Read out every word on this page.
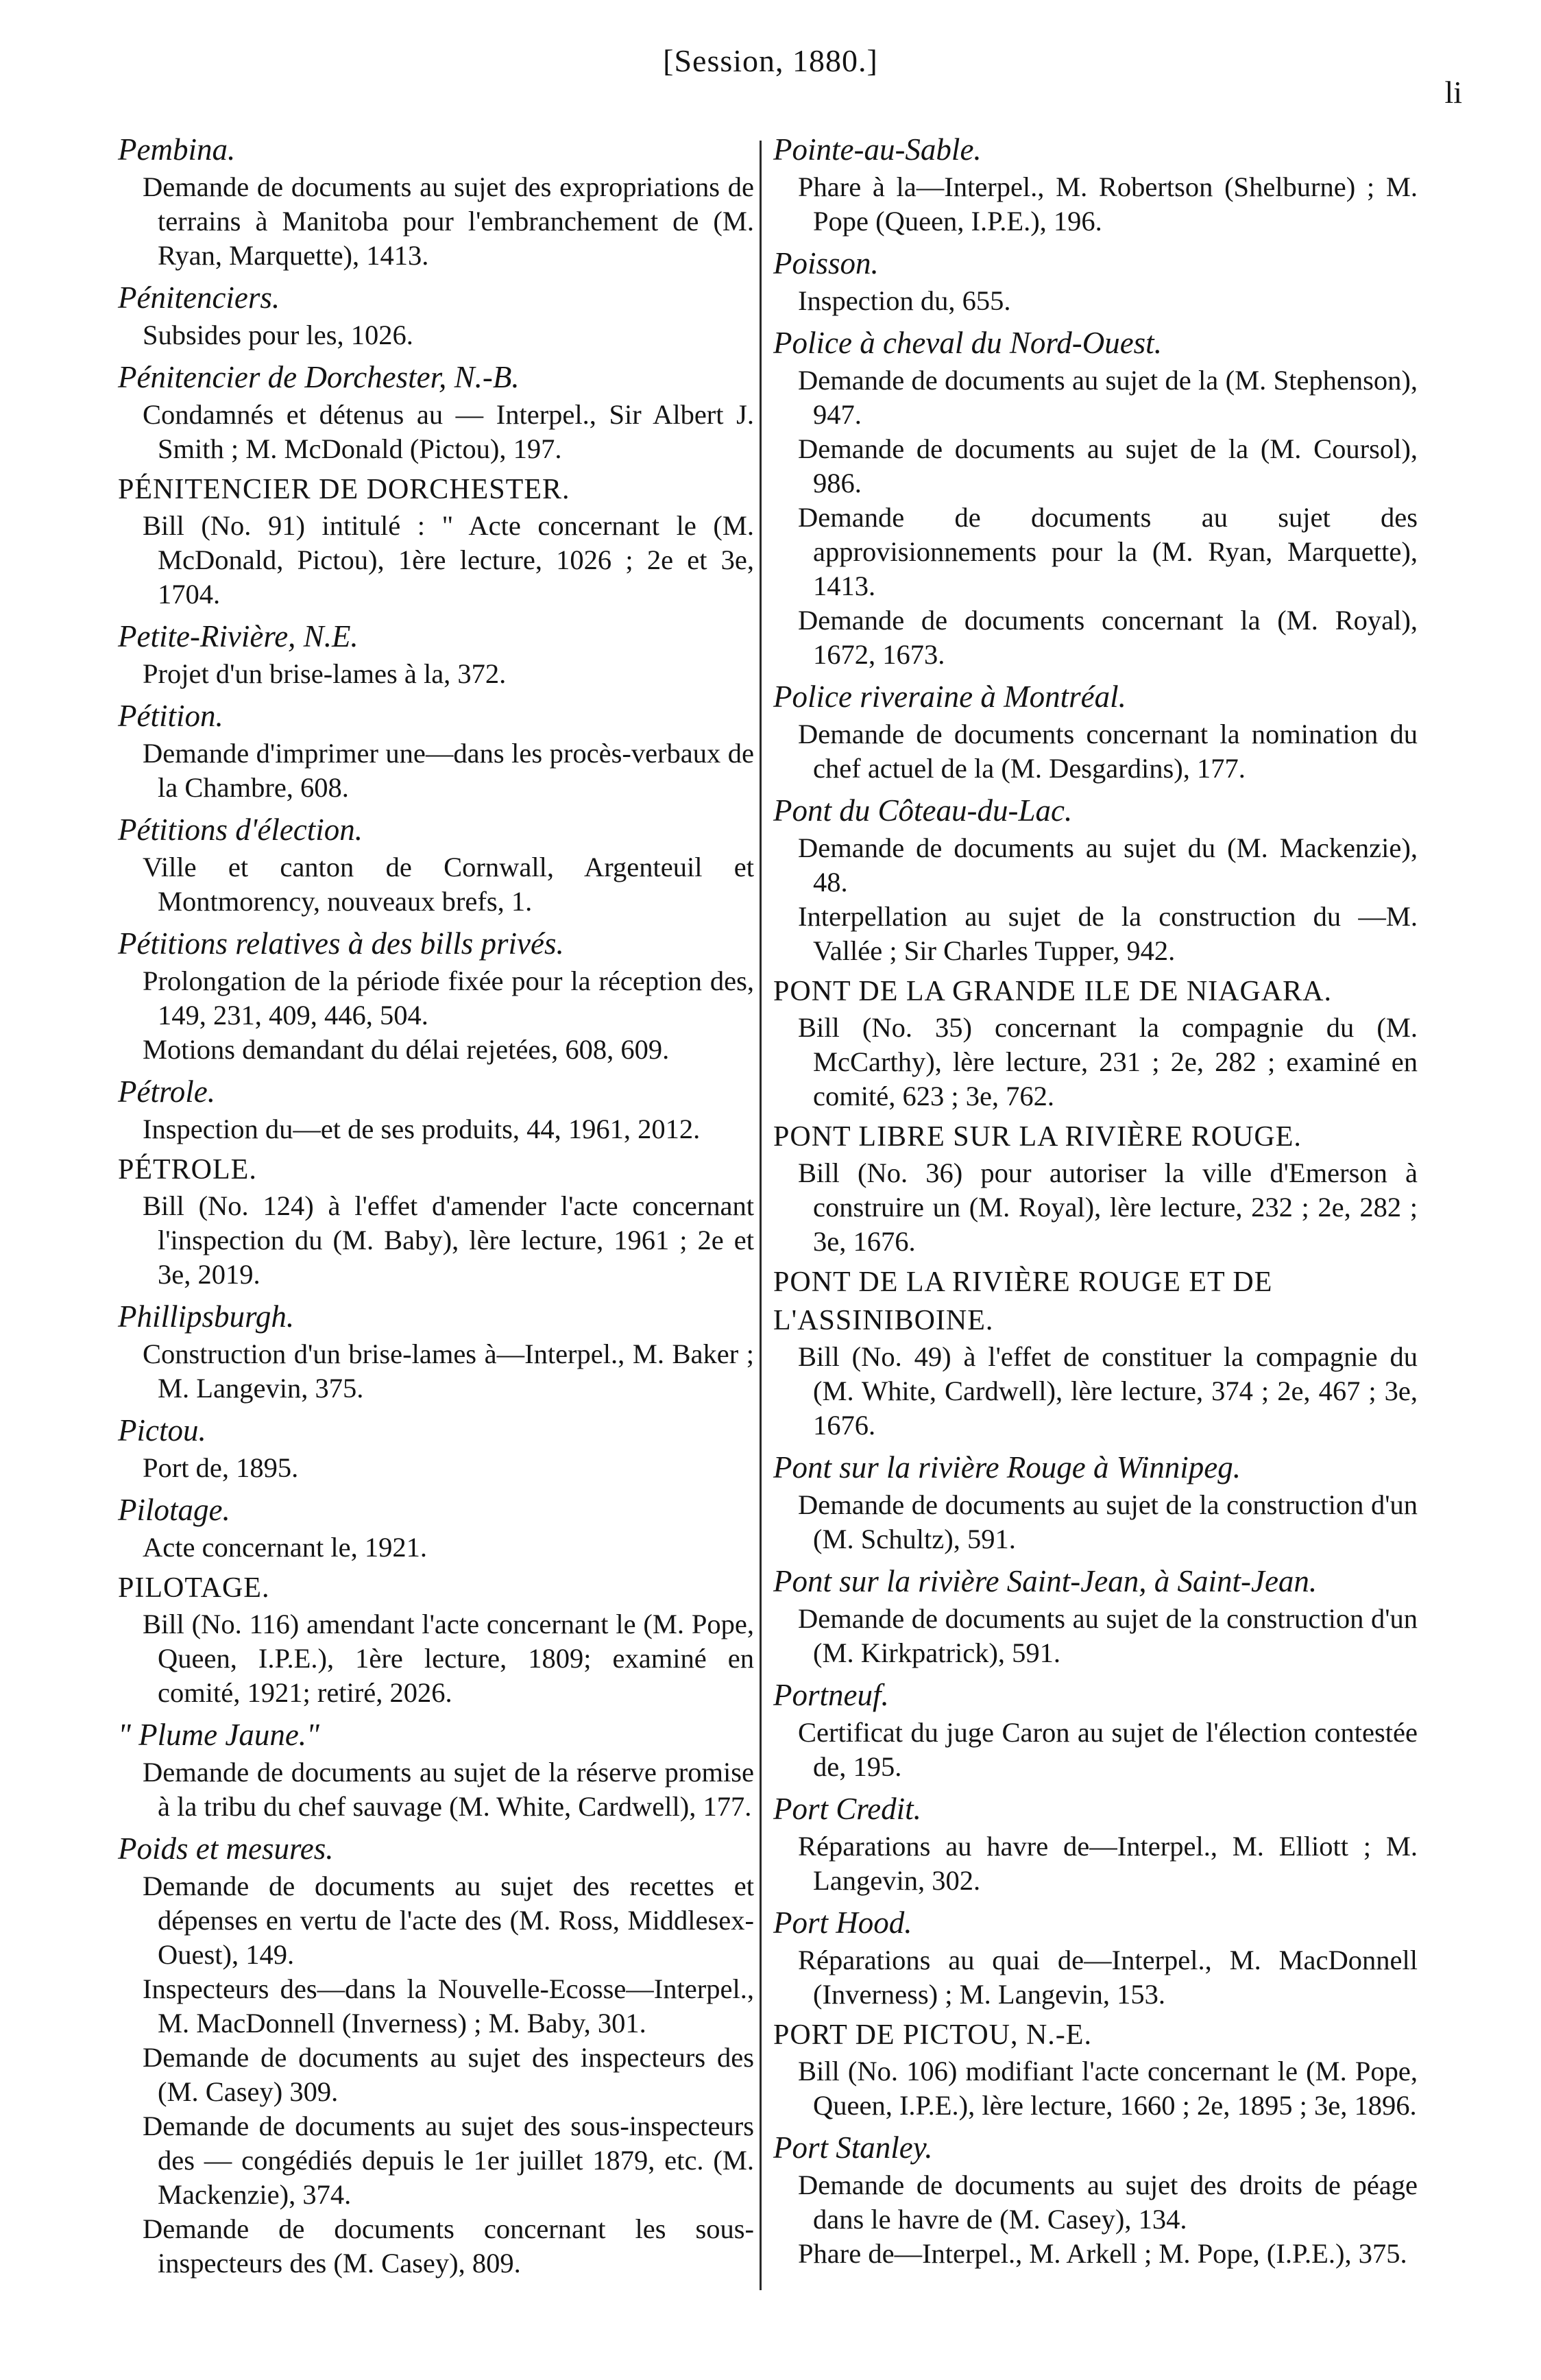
[Session, 1880.]
li
Pembina.
Demande de documents au sujet des expropriations de terrains à Manitoba pour l'embranchement de (M. Ryan, Marquette), 1413.
Pénitenciers.
Subsides pour les, 1026.
Pénitencier de Dorchester, N.-B.
Condamnés et détenus au — Interpel., Sir Albert J. Smith ; M. McDonald (Pictou), 197.
PÉNITENCIER DE DORCHESTER.
Bill (No. 91) intitulé : " Acte concernant le (M. McDonald, Pictou), 1ère lecture, 1026 ; 2e et 3e, 1704.
Petite-Rivière, N.E.
Projet d'un brise-lames à la, 372.
Pétition.
Demande d'imprimer une—dans les procès-verbaux de la Chambre, 608.
Pétitions d'élection.
Ville et canton de Cornwall, Argenteuil et Montmorency, nouveaux brefs, 1.
Pétitions relatives à des bills privés.
Prolongation de la période fixée pour la réception des, 149, 231, 409, 446, 504.
Motions demandant du délai rejetées, 608, 609.
Pétrole.
Inspection du—et de ses produits, 44, 1961, 2012.
PÉTROLE.
Bill (No. 124) à l'effet d'amender l'acte concernant l'inspection du (M. Baby), lère lecture, 1961 ; 2e et 3e, 2019.
Phillipsburgh.
Construction d'un brise-lames à—Interpel., M. Baker ; M. Langevin, 375.
Pictou.
Port de, 1895.
Pilotage.
Acte concernant le, 1921.
PILOTAGE.
Bill (No. 116) amendant l'acte concernant le (M. Pope, Queen, I.P.E.), 1ère lecture, 1809; examiné en comité, 1921; retiré, 2026.
" Plume Jaune."
Demande de documents au sujet de la réserve promise à la tribu du chef sauvage (M. White, Cardwell), 177.
Poids et mesures.
Demande de documents au sujet des recettes et dépenses en vertu de l'acte des (M. Ross, Middlesex-Ouest), 149.
Inspecteurs des—dans la Nouvelle-Ecosse—Interpel., M. MacDonnell (Inverness) ; M. Baby, 301.
Demande de documents au sujet des inspecteurs des (M. Casey) 309.
Demande de documents au sujet des sous-inspecteurs des — congédiés depuis le 1er juillet 1879, etc. (M. Mackenzie), 374.
Demande de documents concernant les sous-inspecteurs des (M. Casey), 809.
Pointe-au-Sable.
Phare à la—Interpel., M. Robertson (Shelburne) ; M. Pope (Queen, I.P.E.), 196.
Poisson.
Inspection du, 655.
Police à cheval du Nord-Ouest.
Demande de documents au sujet de la (M. Stephenson), 947.
Demande de documents au sujet de la (M. Coursol), 986.
Demande de documents au sujet des approvisionnements pour la (M. Ryan, Marquette), 1413.
Demande de documents concernant la (M. Royal), 1672, 1673.
Police riveraine à Montréal.
Demande de documents concernant la nomination du chef actuel de la (M. Desgardins), 177.
Pont du Côteau-du-Lac.
Demande de documents au sujet du (M. Mackenzie), 48.
Interpellation au sujet de la construction du —M. Vallée ; Sir Charles Tupper, 942.
PONT DE LA GRANDE ILE DE NIAGARA.
Bill (No. 35) concernant la compagnie du (M. McCarthy), lère lecture, 231 ; 2e, 282 ; examiné en comité, 623 ; 3e, 762.
PONT LIBRE SUR LA RIVIÈRE ROUGE.
Bill (No. 36) pour autoriser la ville d'Emerson à construire un (M. Royal), lère lecture, 232 ; 2e, 282 ; 3e, 1676.
PONT DE LA RIVIÈRE ROUGE ET DE L'ASSINIBOINE.
Bill (No. 49) à l'effet de constituer la compagnie du (M. White, Cardwell), lère lecture, 374 ; 2e, 467 ; 3e, 1676.
Pont sur la rivière Rouge à Winnipeg.
Demande de documents au sujet de la construction d'un (M. Schultz), 591.
Pont sur la rivière Saint-Jean, à Saint-Jean.
Demande de documents au sujet de la construction d'un (M. Kirkpatrick), 591.
Portneuf.
Certificat du juge Caron au sujet de l'élection contestée de, 195.
Port Credit.
Réparations au havre de—Interpel., M. Elliott ; M. Langevin, 302.
Port Hood.
Réparations au quai de—Interpel., M. MacDonnell (Inverness) ; M. Langevin, 153.
PORT DE PICTOU, N.-E.
Bill (No. 106) modifiant l'acte concernant le (M. Pope, Queen, I.P.E.), lère lecture, 1660 ; 2e, 1895 ; 3e, 1896.
Port Stanley.
Demande de documents au sujet des droits de péage dans le havre de (M. Casey), 134.
Phare de—Interpel., M. Arkell ; M. Pope, (I.P.E.), 375.
